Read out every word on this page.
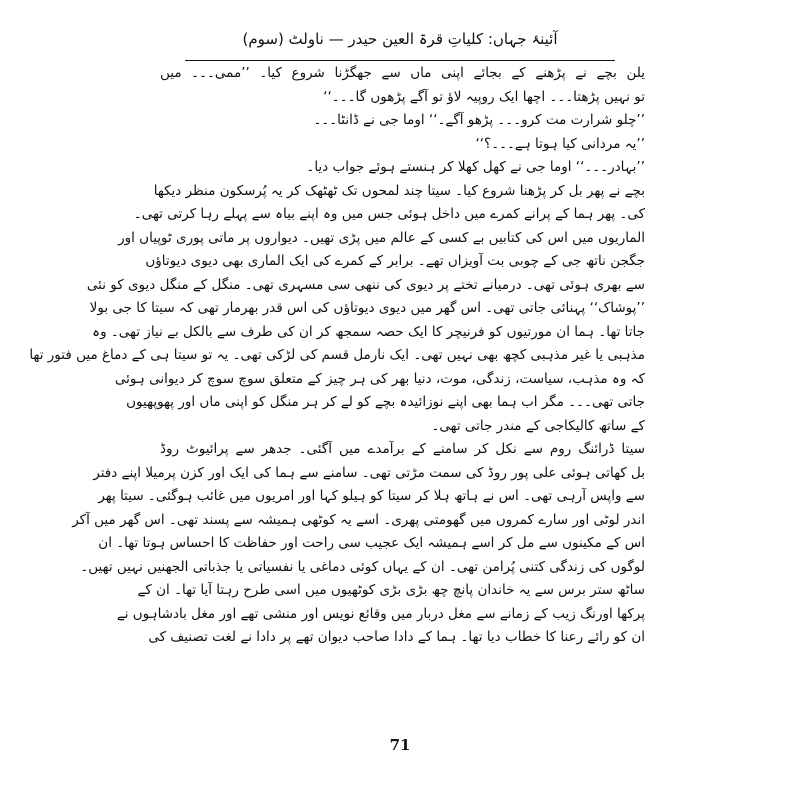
آئینۂ جہاں: کلیاتِ قرۃ العین حیدر — ناولٹ (سوم)
یلن بچے نے پڑھنے کے بجائے اپنی ماں سے جھگڑنا شروع کیا۔ ’’ممی۔۔۔ میں
تو نہیں پڑھتا۔۔۔ اچھا ایک روپیہ لاؤ تو آگے پڑھوں گا۔۔۔‘‘
’’چلو شرارت مت کرو۔۔۔ پڑھو آگے۔‘‘ اوما جی نے ڈانٹا۔۔۔
’’یہ مردانی کیا ہوتا ہے۔۔۔؟‘‘
’’بہادر۔۔۔‘‘ اوما جی نے کھل کھلا کر ہنستے ہوئے جواب دیا۔
بچے نے پھر بل کر پڑھنا شروع کیا۔ سیتا چند لمحوں تک ٹھٹھک کر یہ پُرسکون منظر دیکھا
کی۔ پھر ہما کے پرانے کمرے میں داخل ہوئی جس میں وہ اپنے بیاہ سے پہلے رہا کرتی تھی۔
الماریوں میں اس کی کتابیں بے کسی کے عالم میں پڑی تھیں۔ دیواروں پر ماتی پوری ٹوپیاں اور
جگجن ناتھ جی کے چوبی بت آویزاں تھے۔ برابر کے کمرے کی ایک الماری بھی دیوی دیوتاؤں
سے بھری ہوئی تھی۔ درمیانے تختے پر دیوی کی ننھی سی مسہری تھی۔ منگل کے منگل دیوی کو نئی
’’پوشاک‘‘ پہنائی جاتی تھی۔ اس گھر میں دیوی دیوتاؤں کی اس قدر بھرمار تھی کہ سیتا کا جی بولا
جاتا تھا۔ ہما ان مورتیوں کو فرنیچر کا ایک حصہ سمجھ کر ان کی طرف سے بالکل بے نیاز تھی۔ وہ
مذہبی یا غیر مذہبی کچھ بھی نہیں تھی۔ ایک نارمل قسم کی لڑکی تھی۔ یہ تو سیتا ہی کے دماغ میں فتور تھا
کہ وہ مذہب، سیاست، زندگی، موت، دنیا بھر کی ہر چیز کے متعلق سوچ سوچ کر دیوانی ہوئی
جاتی تھی۔۔۔ مگر اب ہما بھی اپنے نوزائیدہ بچے کو لے کر ہر منگل کو اپنی ماں اور پھوپھیوں
کے ساتھ کالیکاجی کے مندر جاتی تھی۔
سیتا ڈرائنگ روم سے نکل کر سامنے کے برآمدے میں آگئی۔ جدھر سے پرائیوٹ روڈ
بل کھاتی ہوئی علی پور روڈ کی سمت مڑتی تھی۔ سامنے سے ہما کی ایک اور کزن پرمیلا اپنے دفتر
سے واپس آرہی تھی۔ اس نے ہاتھ ہلا کر سیتا کو ہیلو کہا اور امریوں میں غائب ہوگئی۔ سیتا پھر
اندر لوٹی اور سارے کمروں میں گھومتی پھری۔ اسے یہ کوٹھی ہمیشہ سے پسند تھی۔ اس گھر میں آکر
اس کے مکینوں سے مل کر اسے ہمیشہ ایک عجیب سی راحت اور حفاظت کا احساس ہوتا تھا۔ ان
لوگوں کی زندگی کتنی پُرامن تھی۔ ان کے یہاں کوئی دماغی یا نفسیاتی یا جذباتی الجھنیں نہیں تھیں۔
ساٹھ ستر برس سے یہ خاندان پانچ چھ بڑی بڑی کوٹھیوں میں اسی طرح رہتا آیا تھا۔ ان کے
پرکھا اورنگ زیب کے زمانے سے مغل دربار میں وقائع نویس اور منشی تھے اور مغل بادشاہوں نے
ان کو رائے رعنا کا خطاب دیا تھا۔ ہما کے دادا صاحب دیوان تھے پر دادا نے لغت تصنیف کی
71
